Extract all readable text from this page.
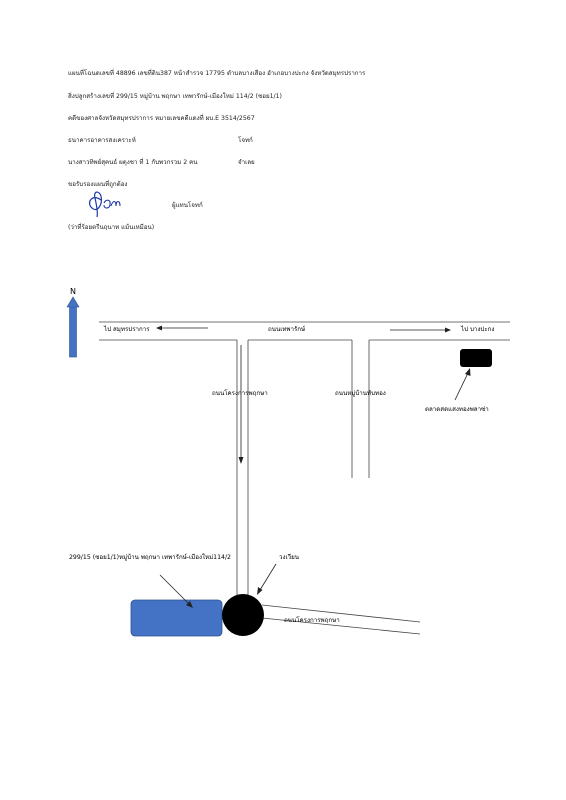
แผนที่โฉนดเลขที่ 48896 เลขที่ดิน387 หน้าสำรวจ 17795 ตำบลบางเสือง อำเภอบางปะกง จังหวัดสมุทรปราการ
สิ่งปลูกสร้างเลขที่ 299/15 หมู่บ้าน พฤกษา เทพารักษ์-เมืองใหม่ 114/2 (ซอย1/1)
คดีของศาลจังหวัดสมุทรปราการ หมายเลขคดีแดงที่ ผบ.E 3514/2567
ธนาคารอาคารสงเคราะห์	โจทก์
นางสาวทิพย์สุคนธ์ ผดุงชา ที่ 1 กับพวกรวม 2 คน	จำเลย
ขอรับรองแผนที่ถูกต้อง
ผู้แทนโจทก์
(ว่าที่ร้อยตรีนฤนาท แม้นเหมือน)
N
ไป สมุทรปราการ	ถนนเทพารักษ์	ไป บางปะกง
ถนนโครงการพฤกษา	ถนนหมู่บ้านทับทอง
ตลาดสดแสงทองพลาซ่า
299/15 (ซอย1/1)หมู่บ้าน พฤกษา เทพารักษ์-เมืองใหม่114/2	วงเวียน
ถนนโครงการพฤกษา
